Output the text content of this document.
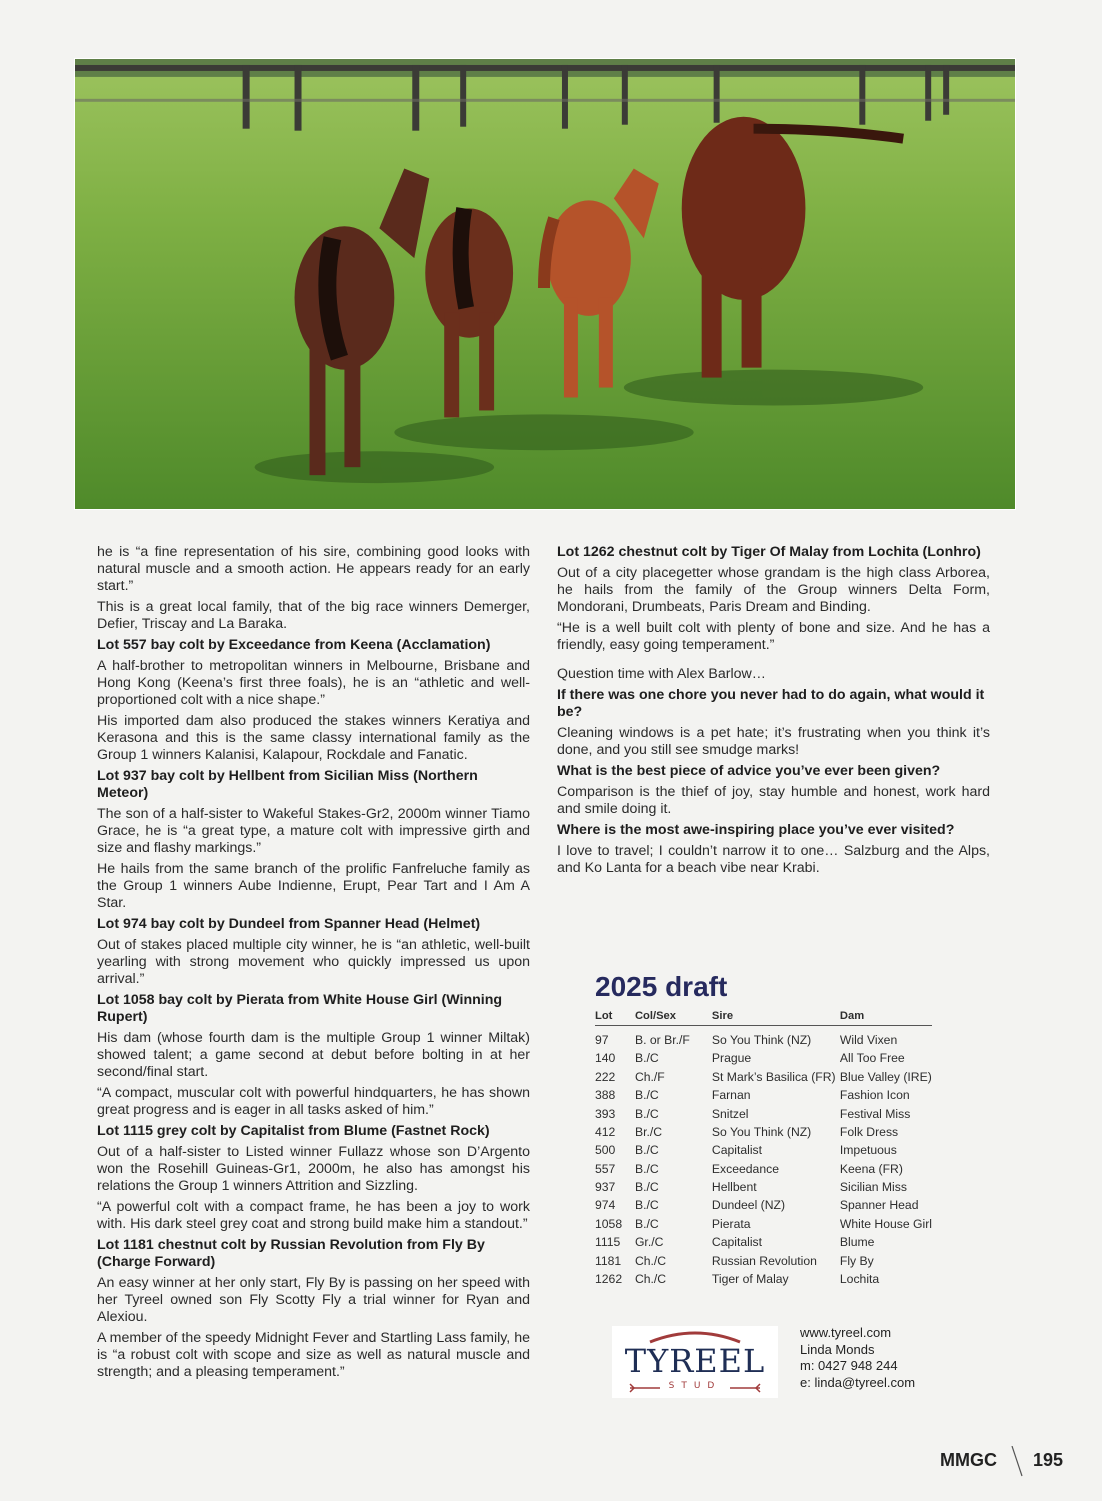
he is “a fine representation of his sire, combining good looks with natural muscle and a smooth action. He appears ready for an early start.”

This is a great local family, that of the big race winners Demerger, Defier, Triscay and La Baraka.

Lot 557 bay colt by Exceedance from Keena (Acclamation)

A half-brother to metropolitan winners in Melbourne, Brisbane and Hong Kong (Keena’s first three foals), he is an “athletic and well-proportioned colt with a nice shape.”

His imported dam also produced the stakes winners Keratiya and Kerasona and this is the same classy international family as the Group 1 winners Kalanisi, Kalapour, Rockdale and Fanatic.

Lot 937 bay colt by Hellbent from Sicilian Miss (Northern Meteor)

The son of a half-sister to Wakeful Stakes-Gr2, 2000m winner Tiamo Grace, he is “a great type, a mature colt with impressive girth and size and flashy markings.”

He hails from the same branch of the prolific Fanfreluche family as the Group 1 winners Aube Indienne, Erupt, Pear Tart and I Am A Star.

Lot 974 bay colt by Dundeel from Spanner Head (Helmet)

Out of stakes placed multiple city winner, he is “an athletic, well-built yearling with strong movement who quickly impressed us upon arrival.”

Lot 1058 bay colt by Pierata from White House Girl (Winning Rupert)

His dam (whose fourth dam is the multiple Group 1 winner Miltak) showed talent; a game second at debut before bolting in at her second/final start.

“A compact, muscular colt with powerful hindquarters, he has shown great progress and is eager in all tasks asked of him.”

Lot 1115 grey colt by Capitalist from Blume (Fastnet Rock)

Out of a half-sister to Listed winner Fullazz whose son D’Argento won the Rosehill Guineas-Gr1, 2000m, he also has amongst his relations the Group 1 winners Attrition and Sizzling.

“A powerful colt with a compact frame, he has been a joy to work with. His dark steel grey coat and strong build make him a standout.”

Lot 1181 chestnut colt by Russian Revolution from Fly By (Charge Forward)

An easy winner at her only start, Fly By is passing on her speed with her Tyreel owned son Fly Scotty Fly a trial winner for Ryan and Alexiou.

A member of the speedy Midnight Fever and Startling Lass family, he is “a robust colt with scope and size as well as natural muscle and strength; and a pleasing temperament.”

Lot 1262 chestnut colt by Tiger Of Malay from Lochita (Lonhro)

Out of a city placegetter whose grandam is the high class Arborea, he hails from the family of the Group winners Delta Form, Mondorani, Drumbeats, Paris Dream and Binding.

“He is a well built colt with plenty of bone and size. And he has a friendly, easy going temperament.”

Question time with Alex Barlow…

If there was one chore you never had to do again, what would it be?

Cleaning windows is a pet hate; it’s frustrating when you think it’s done, and you still see smudge marks!

What is the best piece of advice you’ve ever been given?

Comparison is the thief of joy, stay humble and honest, work hard and smile doing it.

Where is the most awe-inspiring place you’ve ever visited?

I love to travel; I couldn’t narrow it to one… Salzburg and the Alps, and Ko Lanta for a beach vibe near Krabi.

2025 draft
Lot	Col/Sex	Sire	Dam
97	B. or Br./F	So You Think (NZ)	Wild Vixen
140	B./C	Prague	All Too Free
222	Ch./F	St Mark’s Basilica (FR)	Blue Valley (IRE)
388	B./C	Farnan	Fashion Icon
393	B./C	Snitzel	Festival Miss
412	Br./C	So You Think (NZ)	Folk Dress
500	B./C	Capitalist	Impetuous
557	B./C	Exceedance	Keena (FR)
937	B./C	Hellbent	Sicilian Miss
974	B./C	Dundeel (NZ)	Spanner Head
1058	B./C	Pierata	White House Girl
1115	Gr./C	Capitalist	Blume
1181	Ch./C	Russian Revolution	Fly By
1262	Ch./C	Tiger of Malay	Lochita
TYREEL
STUD
www.tyreel.com
Linda Monds
m: 0427 948 244
e: linda@tyreel.com
MMGC 195
